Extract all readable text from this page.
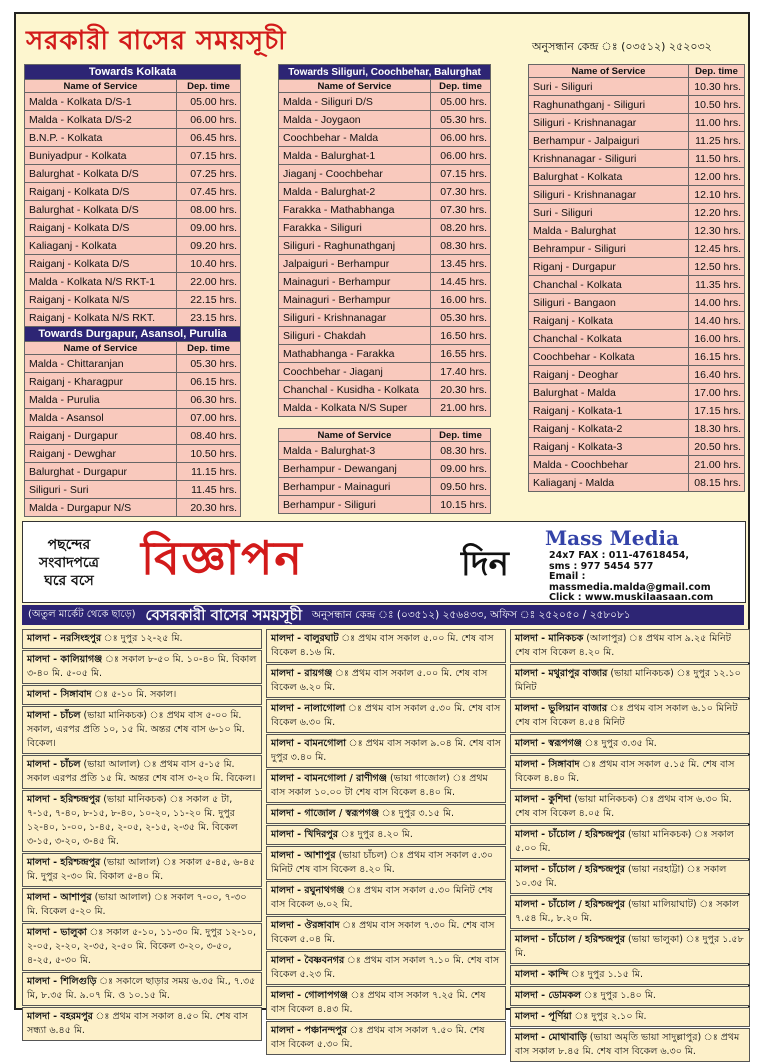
সরকারী বাসের সময়সূচী	অনুসন্ধান কেন্দ্র ঃ (০৩৫১২) ২৫২০৩২
Towards Kolkata	
Name of Service	Dep. time
Malda - Kolkata D/S-1	05.00 hrs.
Malda - Kolkata D/S-2	06.00 hrs.
B.N.P. - Kolkata	06.45 hrs.
Buniyadpur - Kolkata	07.15 hrs.
Balurghat - Kolkata D/S	07.25 hrs.
Raiganj - Kolkata D/S	07.45 hrs.
Balurghat - Kolkata D/S	08.00 hrs.
Raiganj - Kolkata D/S	09.00 hrs.
Kaliaganj - Kolkata	09.20 hrs.
Raiganj - Kolkata D/S	10.40 hrs.
Malda - Kolkata N/S RKT-1	22.00 hrs.
Raiganj - Kolkata N/S	22.15 hrs.
Raiganj - Kolkata N/S RKT.	23.15 hrs.
Towards Durgapur, Asansol, Purulia	
Name of Service	Dep. time
Malda - Chittaranjan	05.30 hrs.
Raiganj - Kharagpur	06.15 hrs.
Malda - Purulia	06.30 hrs.
Malda - Asansol	07.00 hrs.
Raiganj - Durgapur	08.40 hrs.
Raiganj - Dewghar	10.50 hrs.
Balurghat - Durgapur	11.15 hrs.
Siliguri - Suri	11.45 hrs.
Malda - Durgapur N/S	20.30 hrs.
Towards Siliguri, Coochbehar, Balurghat	
Name of Service	Dep. time
Malda - Siliguri D/S	05.00 hrs.
Malda - Joygaon	05.30 hrs.
Coochbehar - Malda	06.00 hrs.
Malda - Balurghat-1	06.00 hrs.
Jiaganj - Coochbehar	07.15 hrs.
Malda - Balurghat-2	07.30 hrs.
Farakka - Mathabhanga	07.30 hrs.
Farakka - Siliguri	08.20 hrs.
Siliguri - Raghunathganj	08.30 hrs.
Jalpaiguri - Berhampur	13.45 hrs.
Mainaguri - Berhampur	14.45 hrs.
Mainaguri - Berhampur	16.00 hrs.
Siliguri - Krishnanagar	05.30 hrs.
Siliguri - Chakdah	16.50 hrs.
Mathabhanga - Farakka	16.55 hrs.
Coochbehar - Jiaganj	17.40 hrs.
Chanchal - Kusidha - Kolkata	20.30 hrs.
Malda - Kolkata N/S Super	21.00 hrs.
Name of Service	Dep. time
Malda - Balurghat-3	08.30 hrs.
Berhampur - Dewanganj	09.00 hrs.
Berhampur - Mainaguri	09.50 hrs.
Berhampur - Siliguri	10.15 hrs.
Name of Service	Dep. time
Suri - Siliguri	10.30 hrs.
Raghunathganj - Siliguri	10.50 hrs.
Siliguri - Krishnanagar	11.00 hrs.
Berhampur - Jalpaiguri	11.25 hrs.
Krishnanagar - Siliguri	11.50 hrs.
Balurghat - Kolkata	12.00 hrs.
Siliguri - Krishnanagar	12.10 hrs.
Suri - Siliguri	12.20 hrs.
Malda - Balurghat	12.30 hrs.
Behrampur - Siliguri	12.45 hrs.
Riganj - Durgapur	12.50 hrs.
Chanchal - Kolkata	11.35 hrs.
Siliguri - Bangaon	14.00 hrs.
Raiganj - Kolkata	14.40 hrs.
Chanchal - Kolkata	16.00 hrs.
Coochbehar - Kolkata	16.15 hrs.
Raiganj - Deoghar	16.40 hrs.
Balurghat - Malda	17.00 hrs.
Raiganj - Kolkata-1	17.15 hrs.
Raiganj - Kolkata-2	18.30 hrs.
Raiganj - Kolkata-3	20.50 hrs.
Malda - Coochbehar	21.00 hrs.
Kaliaganj - Malda	08.15 hrs.
পছন্দের
সংবাদপত্রে
ঘরে বসে বিজ্ঞাপন	দিন
Mass Media
24x7 FAX : 011-47618454,
sms : 977 5454 577
Email : massmedia.malda@gmail.com
Click : www.muskiIaasaan.com
(অতুল মার্কেট থেকে ছাড়ে) বেসরকারী বাসের সময়সূচী অনুসন্ধান কেন্দ্র ঃ (০৩৫১২) ২৫৬৪৩৩, অফিস ঃ ২৫২০৫০ / ২৫৮০৮১
মালদা - নরসিংহপুর ঃ দুপুর ১২-২৫ মি.
মালদা - কালিয়াগঞ্জ ঃ সকাল ৮-৫০ মি. ১০-৪০ মি. বিকাল ৩-৪০ মি. ৫-০৫ মি.
মালদা - সিঙ্গাবাদ ঃ ৫-১০ মি. সকাল।
মালদা - চাঁচল (ভায়া মানিকচক) ঃ প্রথম বাস ৫-০০ মি. সকাল, এরপর প্রতি ১০, ১৫ মি. অন্তর শেষ বাস ৬-১০ মি. বিকেল।
মালদা - চাঁচল (ভায়া আলাল) ঃ প্রথম বাস ৫-১৫ মি. সকাল এরপর প্রতি ১৫ মি. অন্তর শেষ বাস ৩-২০ মি. বিকেল।
মালদা - হরিশ্চন্দ্রপুর (ভায়া মানিকচক) ঃ সকাল ৫ টা, ৭-১৫, ৭-৪০, ৮-১৫, ৮-৪০, ১০-২০, ১১-২০ মি. দুপুর ১২-৪০, ১-০০, ১-৪৫, ২-০৫, ২-১৫, ২-৩৫ মি. বিকেল ৩-১৫, ৩-২০, ৩-৪৫ মি.
মালদা - হরিশ্চন্দ্রপুর (ভায়া আলাল) ঃ সকাল ৫-৪৫, ৬-৪৫ মি. দুপুর ২-৩০ মি. বিকাল ৫-৪০ মি.
মালদা - আশাপুর (ভায়া আলাল) ঃ সকাল ৭-০০, ৭-৩০ মি. বিকেল ৫-২০ মি.
মালদা - ভালুকা ঃ সকাল ৫-১০, ১১-৩০ মি. দুপুর ১২-১০, ২-০৫, ২-২০, ২-৩৫, ২-৫০ মি. বিকেল ৩-২০, ৩-৫০, ৪-২৫, ৫-৩০ মি.
মালদা - শিলিগুড়ি ঃ সকালে ছাড়ার সময় ৬.৩৫ মি., ৭.৩৫ মি, ৮.৩৫ মি. ৯.০৭ মি. ও ১০.১৫ মি.
মালদা - বহরমপুর ঃ প্রথম বাস সকাল ৪.৫০ মি. শেষ বাস সন্ধ্যা ৬.৪৫ মি.
মালদা - বালুরঘাট ঃ প্রথম বাস সকাল ৫.০০ মি. শেষ বাস বিকেল ৪.১৬ মি.
মালদা - রায়গঞ্জ ঃ প্রথম বাস সকাল ৫.০০ মি. শেষ বাস বিকেল ৬.২০ মি.
মালদা - নালাগোলা ঃ প্রথম বাস সকাল ৫.৩০ মি. শেষ বাস বিকেল ৬.৩০ মি.
মালদা - বামনগোলা ঃ প্রথম বাস সকাল ৯.০৪ মি. শেষ বাস দুপুর ৩.৪০ মি.
মালদা - বামনগোলা / রাণীগঞ্জ (ভায়া গাজোল) ঃ প্রথম বাস সকাল ১০.০০ টা শেষ বাস বিকেল ৪.৪০ মি.
মালদা - গাজোল / স্বরূপগঞ্জ ঃ দুপুর ৩.১৫ মি.
মালদা - খিদিরপুর ঃ দুপুর ৪.২০ মি.
মালদা - আশাপুর (ভায়া চাঁচল) ঃ প্রথম বাস সকাল ৫.৩০ মিনিট শেষ বাস বিকেল ৪.২০ মি.
মালদা - রঘুনাথগঞ্জ ঃ প্রথম বাস সকাল ৫.৩০ মিনিট শেষ বাস বিকেল ৬.০২ মি.
মালদা - ঔরঙ্গাবাদ ঃ প্রথম বাস সকাল ৭.৩০ মি. শেষ বাস বিকেল ৫.০৪ মি.
মালদা - বৈষ্ণবনগর ঃ প্রথম বাস সকাল ৭.১০ মি. শেষ বাস বিকেল ৫.২৩ মি.
মালদা - গোলাপগঞ্জ ঃ প্রথম বাস সকাল ৭.২৫ মি. শেষ বাস বিকেল ৪.৪৩ মি.
মালদা - পঞ্চানন্দপুর ঃ প্রথম বাস সকাল ৭.৫০ মি. শেষ বাস বিকেল ৫.৩০ মি.
মালদা - মানিকচক (আলাপুর) ঃ প্রথম বাস ৯.২৫ মিনিট শেষ বাস বিকেল ৪.২০ মি.
মালদা - মথুরাপুর বাজার (ভায়া মানিকচক) ঃ দুপুর ১২.১০ মিনিট
মালদা - ভুলিয়ান বাজার ঃ প্রথম বাস সকাল ৬.১০ মিনিট শেষ বাস বিকেল ৪.৫৪ মিনিট
মালদা - স্বরূপগঞ্জ ঃ দুপুর ৩.৩৫ মি.
মালদা - সিঙ্গাবাদ ঃ প্রথম বাস সকাল ৫.১৫ মি. শেষ বাস বিকেল ৪.৪০ মি.
মালদা - কুশিদা (ভায়া মানিকচক) ঃ প্রথম বাস ৬.৩০ মি. শেষ বাস বিকেল ৪.০৫ মি.
মালদা - চাঁচোল / হরিশ্চন্দ্রপুর (ভায়া মানিকচক) ঃ সকাল ৫.০০ মি.
মালদা - চাঁচোল / হরিশ্চন্দ্রপুর (ভায়া নরহাট্টা) ঃ সকাল ১০.৩৫ মি.
মালদা - চাঁচোল / হরিশ্চন্দ্রপুর (ভায়া মালিয়াঘাট) ঃ সকাল ৭.৫৪ মি., ৮.২০ মি.
মালদা - চাঁচোল / হরিশ্চন্দ্রপুর (ভায়া ভালুকা) ঃ দুপুর ১.৫৮ মি.
মালদা - কান্দি ঃ দুপুর ১.১৫ মি.
মালদা - ডোমকল ঃ দুপুর ১.৪০ মি.
মালদা - পূর্ণিয়া ঃ দুপুর ২.১০ মি.
মালদা - মোথাবাড়ি (ভায়া অমৃতি ভায়া সাদুল্লাপুর) ঃ প্রথম বাস সকাল ৮.৪৫ মি. শেষ বাস বিকেল ৬.৩০ মি.
